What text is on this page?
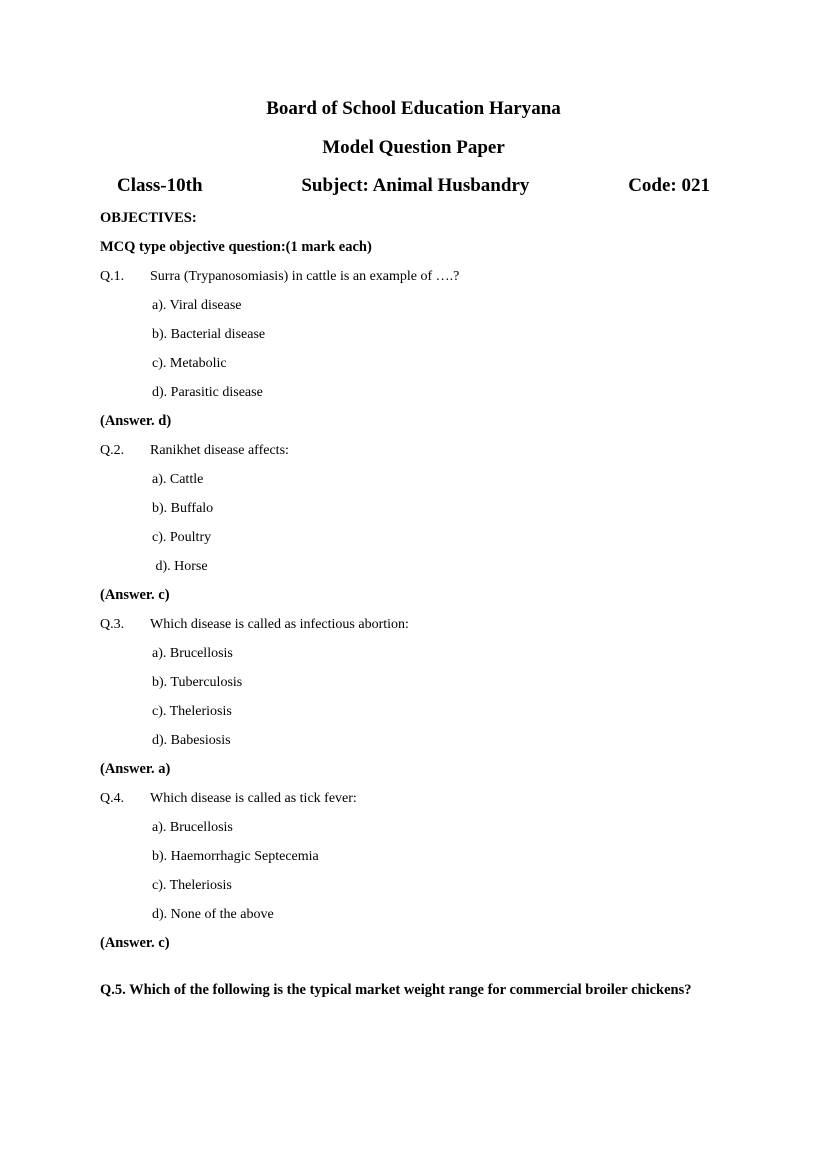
Board of School Education Haryana
Model Question Paper
Class-10th	Subject: Animal Husbandry	Code: 021
OBJECTIVES:
MCQ type objective question:(1 mark each)
Q.1.	Surra (Trypanosomiasis) in cattle is an example of ….?
a). Viral disease
b). Bacterial disease
c). Metabolic
d). Parasitic disease
(Answer. d)
Q.2.	Ranikhet disease affects:
a). Cattle
b). Buffalo
c). Poultry
d). Horse
(Answer. c)
Q.3.	Which disease is called as infectious abortion:
a). Brucellosis
b). Tuberculosis
c). Theleriosis
d). Babesiosis
(Answer. a)
Q.4.	Which disease is called as tick fever:
a). Brucellosis
b). Haemorrhagic Septecemia
c). Theleriosis
d). None of the above
(Answer. c)
Q.5. Which of the following is the typical market weight range for commercial broiler chickens?
